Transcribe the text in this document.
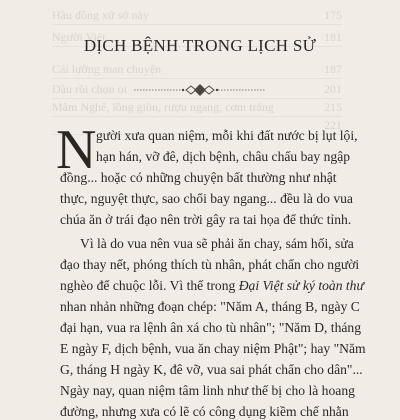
Hầu đồng xứ sở này	175
Người Việt...	181
Cái lưỡng man chuyện	187
Dầu rồi chọn oi	201
Mâm Nghê, lồng giòn, rượu ngang, cơm trắng	215
221
DỊCH BỆNH TRONG LỊCH SỬ
N gười xưa quan niệm, mỗi khi đất nước bị lụt lội,
hạn hán, vỡ đê, dịch bệnh, châu chấu bay ngập
đồng... hoặc có những chuyện bất thường như nhật
thực, nguyệt thực, sao chổi bay ngang... đều là do vua
chúa ăn ở trái đạo nên trời gây ra tai họa để thức tỉnh.
Vì là do vua nên vua sẽ phải ăn chay, sám hối, sửa
đạo thay nết, phóng thích tù nhân, phát chẩn cho người
nghèo để chuộc lỗi. Vì thế trong Đại Việt sử ký toàn thư
nhan nhản những đoạn chép: "Năm A, tháng B, ngày C
đại hạn, vua ra lệnh ân xá cho tù nhân"; "Năm D, tháng
E ngày F, dịch bệnh, vua ăn chay niệm Phật"; hay "Năm
G, tháng H ngày K, đê vỡ, vua sai phát chẩn cho dân"...
Ngày nay, quan niệm tâm linh như thế bị cho là hoang
đường, nhưng xưa có lẽ có công dụng kiềm chế nhằn
